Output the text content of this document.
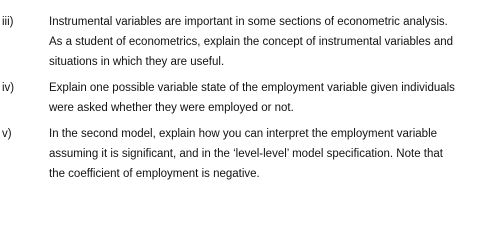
iii)	Instrumental variables are important in some sections of econometric analysis.
As a student of econometrics, explain the concept of instrumental variables and
situations in which they are useful.
iv)	Explain one possible variable state of the employment variable given individuals
were asked whether they were employed or not.
v)	In the second model, explain how you can interpret the employment variable
assuming it is significant, and in the ‘level-level’ model specification. Note that
the coefficient of employment is negative.
